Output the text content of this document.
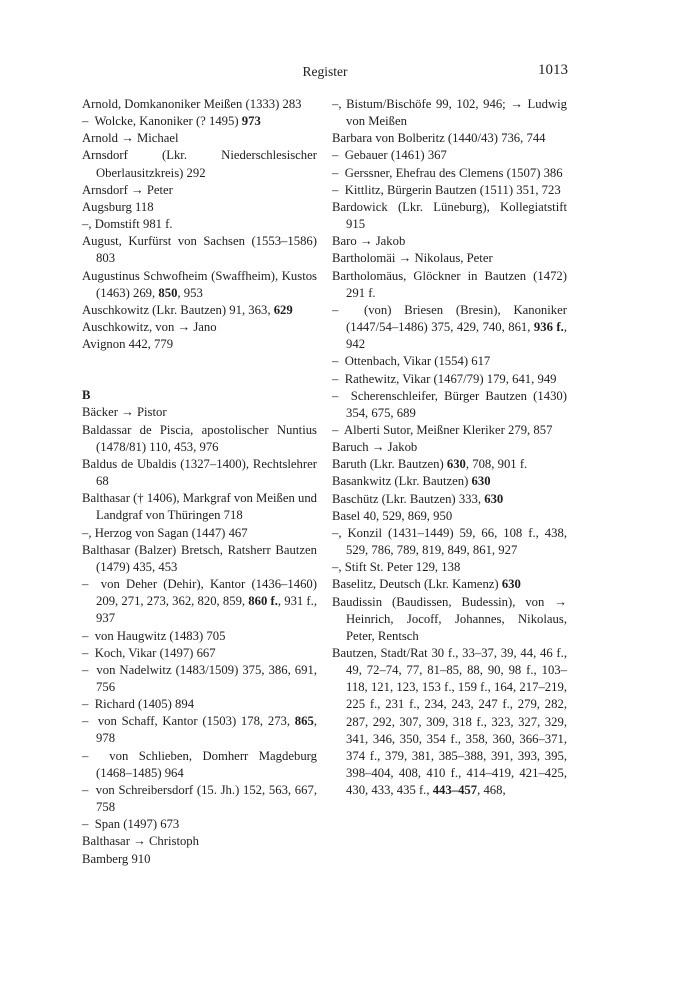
Register	1013

Arnold, Domkanoniker Meißen (1333) 283

–  Wolcke, Kanoniker (? 1495) 973

Arnold → Michael

Arnsdorf (Lkr. Niederschlesischer Oberlausitzkreis) 292

Arnsdorf → Peter

Augsburg 118

–, Domstift 981 f.

August, Kurfürst von Sachsen (1553–1586) 803

Augustinus Schwofheim (Swaffheim), Kustos (1463) 269, 850, 953

Auschkowitz (Lkr. Bautzen) 91, 363, 629

Auschkowitz, von → Jano

Avignon 442, 779

B

Bäcker → Pistor

Baldassar de Piscia, apostolischer Nuntius (1478/81) 110, 453, 976

Baldus de Ubaldis (1327–1400), Rechtslehrer 68

Balthasar († 1406), Markgraf von Meißen und Landgraf von Thüringen 718

–, Herzog von Sagan (1447) 467

Balthasar (Balzer) Bretsch, Ratsherr Bautzen (1479) 435, 453

–  von Deher (Dehir), Kantor (1436–1460) 209, 271, 273, 362, 820, 859, 860 f., 931 f., 937

–  von Haugwitz (1483) 705

–  Koch, Vikar (1497) 667

–  von Nadelwitz (1483/1509) 375, 386, 691, 756

–  Richard (1405) 894

–  von Schaff, Kantor (1503) 178, 273, 865, 978

–  von Schlieben, Domherr Magdeburg (1468–1485) 964

–  von Schreibersdorf (15. Jh.) 152, 563, 667, 758

–  Span (1497) 673

Balthasar → Christoph

Bamberg 910

–, Bistum/Bischöfe 99, 102, 946; → Ludwig von Meißen

Barbara von Bolberitz (1440/43) 736, 744

–  Gebauer (1461) 367

–  Gerssner, Ehefrau des Clemens (1507) 386

–  Kittlitz, Bürgerin Bautzen (1511) 351, 723

Bardowick (Lkr. Lüneburg), Kollegiatstift 915

Baro → Jakob

Bartholomäi → Nikolaus, Peter

Bartholomäus, Glöckner in Bautzen (1472) 291 f.

–  (von) Briesen (Bresin), Kanoniker (1447/54–1486) 375, 429, 740, 861, 936 f., 942

–  Ottenbach, Vikar (1554) 617

–  Rathewitz, Vikar (1467/79) 179, 641, 949

–  Scherenschleifer, Bürger Bautzen (1430) 354, 675, 689

–  Alberti Sutor, Meißner Kleriker 279, 857

Baruch → Jakob

Baruth (Lkr. Bautzen) 630, 708, 901 f.

Basankwitz (Lkr. Bautzen) 630

Baschütz (Lkr. Bautzen) 333, 630

Basel 40, 529, 869, 950

–, Konzil (1431–1449) 59, 66, 108 f., 438, 529, 786, 789, 819, 849, 861, 927

–, Stift St. Peter 129, 138

Baselitz, Deutsch (Lkr. Kamenz) 630

Baudissin (Baudissen, Budessin), von → Heinrich, Jocoff, Johannes, Nikolaus, Peter, Rentsch

Bautzen, Stadt/Rat 30 f., 33–37, 39, 44, 46 f., 49, 72–74, 77, 81–85, 88, 90, 98 f., 103–118, 121, 123, 153 f., 159 f., 164, 217–219, 225 f., 231 f., 234, 243, 247 f., 279, 282, 287, 292, 307, 309, 318 f., 323, 327, 329, 341, 346, 350, 354 f., 358, 360, 366–371, 374 f., 379, 381, 385–388, 391, 393, 395, 398–404, 408, 410 f., 414–419, 421–425, 430, 433, 435 f., 443–457, 468,
